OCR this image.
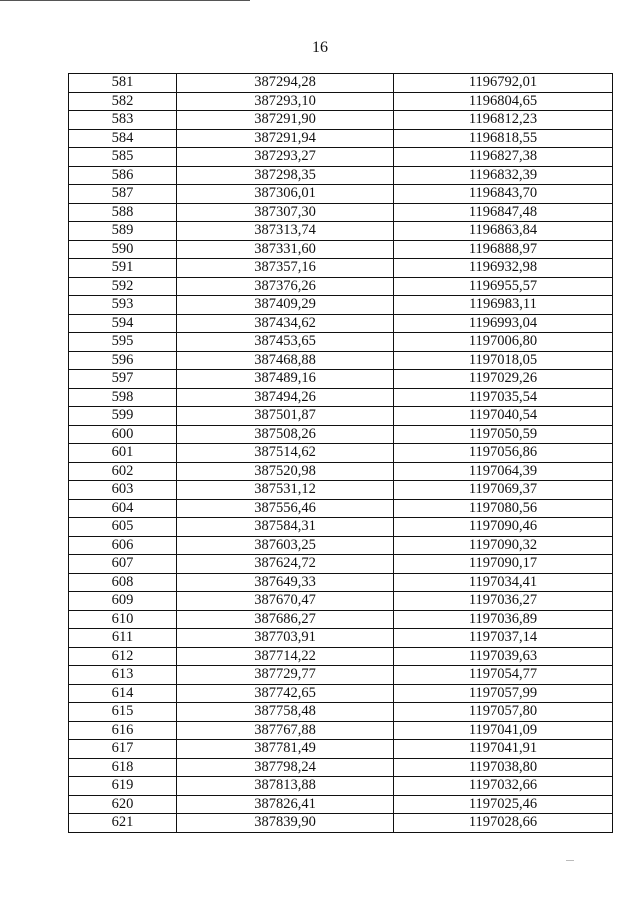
16
581	387294,28	1196792,01
582	387293,10	1196804,65
583	387291,90	1196812,23
584	387291,94	1196818,55
585	387293,27	1196827,38
586	387298,35	1196832,39
587	387306,01	1196843,70
588	387307,30	1196847,48
589	387313,74	1196863,84
590	387331,60	1196888,97
591	387357,16	1196932,98
592	387376,26	1196955,57
593	387409,29	1196983,11
594	387434,62	1196993,04
595	387453,65	1197006,80
596	387468,88	1197018,05
597	387489,16	1197029,26
598	387494,26	1197035,54
599	387501,87	1197040,54
600	387508,26	1197050,59
601	387514,62	1197056,86
602	387520,98	1197064,39
603	387531,12	1197069,37
604	387556,46	1197080,56
605	387584,31	1197090,46
606	387603,25	1197090,32
607	387624,72	1197090,17
608	387649,33	1197034,41
609	387670,47	1197036,27
610	387686,27	1197036,89
611	387703,91	1197037,14
612	387714,22	1197039,63
613	387729,77	1197054,77
614	387742,65	1197057,99
615	387758,48	1197057,80
616	387767,88	1197041,09
617	387781,49	1197041,91
618	387798,24	1197038,80
619	387813,88	1197032,66
620	387826,41	1197025,46
621	387839,90	1197028,66
